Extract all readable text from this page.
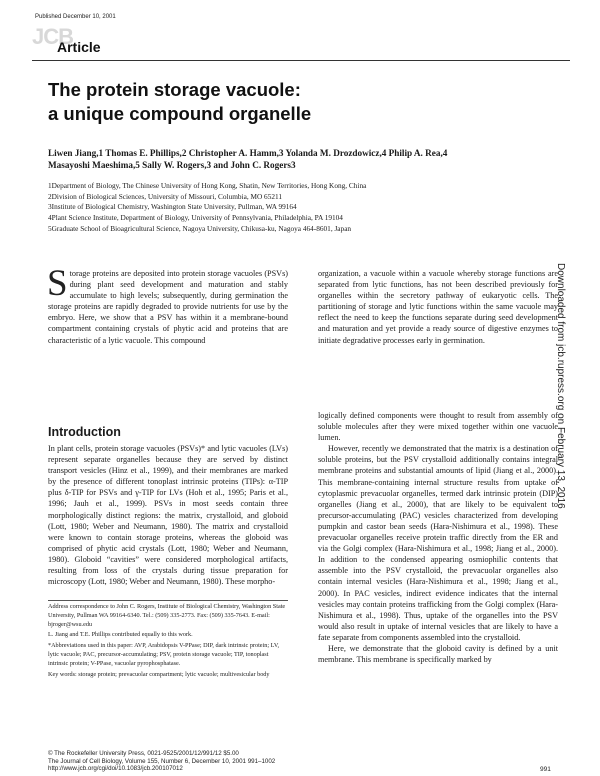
Published December 10, 2001
JCB
Article
The protein storage vacuole:
a unique compound organelle
Liwen Jiang,1 Thomas E. Phillips,2 Christopher A. Hamm,3 Yolanda M. Drozdowicz,4 Philip A. Rea,4
Masayoshi Maeshima,5 Sally W. Rogers,3 and John C. Rogers3
1Department of Biology, The Chinese University of Hong Kong, Shatin, New Territories, Hong Kong, China
2Division of Biological Sciences, University of Missouri, Columbia, MO 65211
3Institute of Biological Chemistry, Washington State University, Pullman, WA 99164
4Plant Science Institute, Department of Biology, University of Pennsylvania, Philadelphia, PA 19104
5Graduate School of Bioagricultural Science, Nagoya University, Chikusa-ku, Nagoya 464-8601, Japan
Storage proteins are deposited into protein storage vacuoles (PSVs) during plant seed development and maturation and stably accumulate to high levels; subsequently, during germination the storage proteins are rapidly degraded to provide nutrients for use by the embryo. Here, we show that a PSV has within it a membrane-bound compartment containing crystals of phytic acid and proteins that are characteristic of a lytic vacuole. This compound
organization, a vacuole within a vacuole whereby storage functions are separated from lytic functions, has not been described previously for organelles within the secretory pathway of eukaryotic cells. The partitioning of storage and lytic functions within the same vacuole may reflect the need to keep the functions separate during seed development and maturation and yet provide a ready source of digestive enzymes to initiate degradative processes early in germination.
Introduction
In plant cells, protein storage vacuoles (PSVs)* and lytic vacuoles (LVs) represent separate organelles because they are served by distinct transport vesicles (Hinz et al., 1999), and their membranes are marked by the presence of different tonoplast intrinsic proteins (TIPs): α-TIP plus δ-TIP for PSVs and γ-TIP for LVs (Hoh et al., 1995; Paris et al., 1996; Jauh et al., 1999). PSVs in most seeds contain three morphologically distinct regions: the matrix, crystalloid, and globoid (Lott, 1980; Weber and Neumann, 1980). The matrix and crystalloid were known to contain storage proteins, whereas the globoid was comprised of phytic acid crystals (Lott, 1980; Weber and Neumann, 1980). Globoid “cavities” were considered morphological artifacts, resulting from loss of the crystals during tissue preparation for microscopy (Lott, 1980; Weber and Neumann, 1980). These morpho-

logically defined components were thought to result from assembly of soluble molecules after they were mixed together within one vacuole lumen.

However, recently we demonstrated that the matrix is a destination of soluble proteins, but the PSV crystalloid additionally contains integral membrane proteins and substantial amounts of lipid (Jiang et al., 2000). This membrane-containing internal structure results from uptake of cytoplasmic prevacuolar organelles, termed dark intrinsic protein (DIP) organelles (Jiang et al., 2000), that are likely to be equivalent to precursor-accumulating (PAC) vesicles characterized from developing pumpkin and castor bean seeds (Hara-Nishimura et al., 1998). These prevacuolar organelles receive protein traffic directly from the ER and via the Golgi complex (Hara-Nishimura et al., 1998; Jiang et al., 2000). In addition to the condensed appearing osmiophilic contents that assemble into the PSV crystalloid, the prevacuolar organelles also contain internal vesicles (Hara-Nishimura et al., 1998; Jiang et al., 2000). In PAC vesicles, indirect evidence indicates that the internal vesicles may contain proteins trafficking from the Golgi complex (Hara-Nishimura et al., 1998). Thus, uptake of the organelles into the PSV would also result in uptake of internal vesicles that are likely to have a fate separate from components assembled into the crystalloid.

Here, we demonstrate that the globoid cavity is defined by a unit membrane. This membrane is specifically marked by

Address correspondence to John C. Rogers, Institute of Biological Chemistry, Washington State University, Pullman WA 99164-6340. Tel.: (509) 335-2773. Fax: (509) 335-7643. E-mail: bjroger@wsu.edu

L. Jiang and T.E. Phillips contributed equally to this work.

*Abbreviations used in this paper: AVP, Arabidopsis V-PPase; DIP, dark intrinsic protein; LV, lytic vacuole; PAC, precursor-accumulating; PSV, protein storage vacuole; TIP, tonoplast intrinsic protein; V-PPase, vacuolar pyrophosphatase.

Key words: storage protein; prevacuolar compartment; lytic vacuole; multivesicular body

Downloaded from jcb.rupress.org on February 13, 2016
© The Rockefeller University Press, 0021-9525/2001/12/991/12 $5.00
The Journal of Cell Biology, Volume 155, Number 6, December 10, 2001 991–1002
http://www.jcb.org/cgi/doi/10.1083/jcb.200107012	991
